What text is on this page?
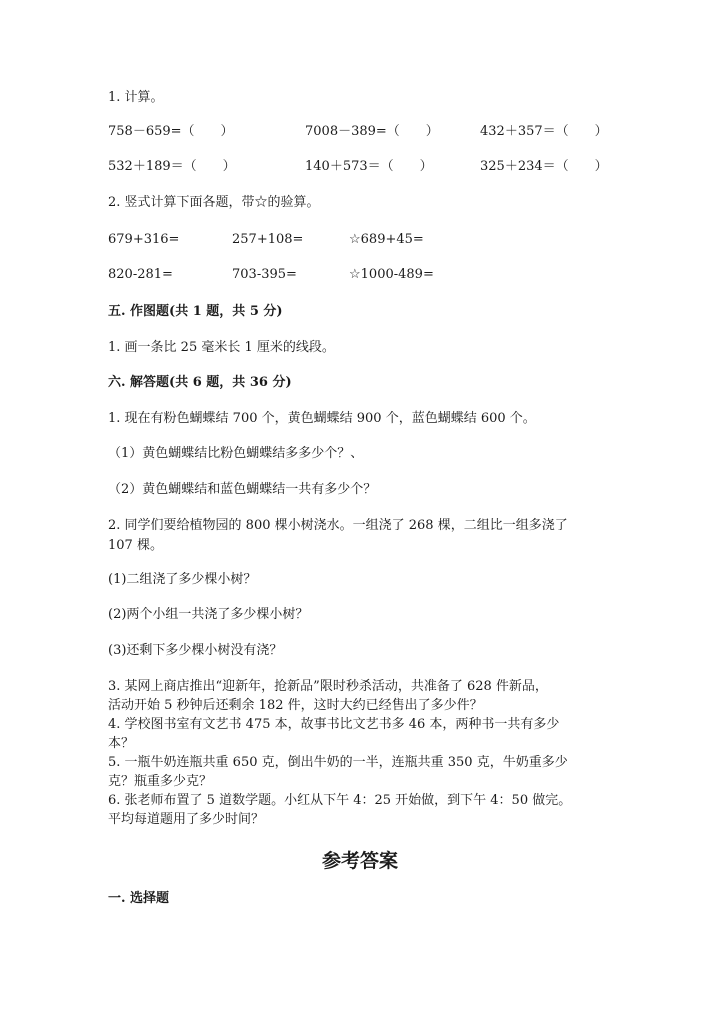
1. 计算。
758－659=（　　）	7008－389=（　　）	432＋357＝（　　）
532＋189＝（　　）	140＋573＝（　　）	325＋234＝（　　）
2. 竖式计算下面各题，带☆的验算。
679+316=	257+108=	☆689+45=
820-281=	703-395=	☆1000-489=
五. 作图题(共 1 题，共 5 分)
1. 画一条比 25 毫米长 1 厘米的线段。
六. 解答题(共 6 题，共 36 分)
1. 现在有粉色蝴蝶结 700 个，黄色蝴蝶结 900 个，蓝色蝴蝶结 600 个。
（1）黄色蝴蝶结比粉色蝴蝶结多多少个？、
（2）黄色蝴蝶结和蓝色蝴蝶结一共有多少个？
2. 同学们要给植物园的 800 棵小树浇水。一组浇了 268 棵，二组比一组多浇了
107 棵。
(1)二组浇了多少棵小树？
(2)两个小组一共浇了多少棵小树？
(3)还剩下多少棵小树没有浇？
3. 某网上商店推出“迎新年，抢新品”限时秒杀活动，共准备了 628 件新品，
活动开始 5 秒钟后还剩余 182 件，这时大约已经售出了多少件？
4. 学校图书室有文艺书 475 本，故事书比文艺书多 46 本，两种书一共有多少
本？
5. 一瓶牛奶连瓶共重 650 克，倒出牛奶的一半，连瓶共重 350 克，牛奶重多少
克？瓶重多少克？
6. 张老师布置了 5 道数学题。小红从下午 4：25 开始做，到下午 4：50 做完。
平均每道题用了多少时间？
参考答案
一. 选择题
